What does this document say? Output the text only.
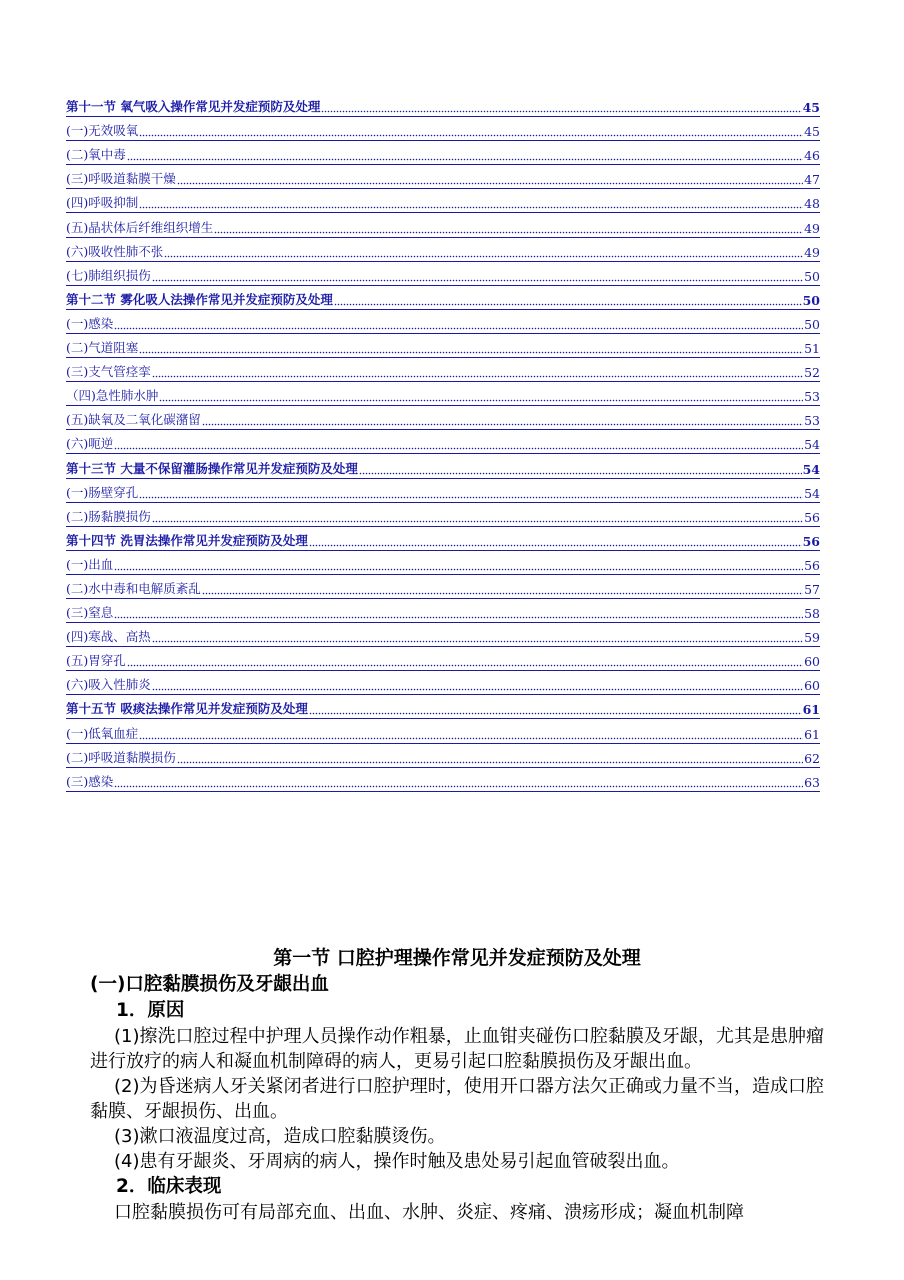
第十一节 氧气吸入操作常见并发症预防及处理	45
(一)无效吸氧	45
(二)氧中毒	46
(三)呼吸道黏膜干燥	47
(四)呼吸抑制	48
(五)晶状体后纤维组织增生	49
(六)吸收性肺不张	49
(七)肺组织损伤	50
第十二节 雾化吸人法操作常见并发症预防及处理	50
(一)感染	50
(二)气道阻塞	51
(三)支气管痉挛	52
（四)急性肺水肿	53
(五)缺氧及二氧化碳潴留	53
(六)呃逆	54
第十三节 大量不保留灌肠操作常见并发症预防及处理	54
(一)肠壁穿孔	54
(二)肠黏膜损伤	56
第十四节 洗胃法操作常见并发症预防及处理	56
(一)出血	56
(二)水中毒和电解质紊乱	57
(三)窒息	58
(四)寒战、高热	59
(五)胃穿孔	60
(六)吸入性肺炎	60
第十五节 吸痰法操作常见并发症预防及处理	61
(一)低氧血症	61
(二)呼吸道黏膜损伤	62
(三)感染	63

第一节 口腔护理操作常见并发症预防及处理

(一)口腔黏膜损伤及牙龈出血

1．原因

(1)擦洗口腔过程中护理人员操作动作粗暴，止血钳夹碰伤口腔黏膜及牙龈，尤其是患肿瘤进行放疗的病人和凝血机制障碍的病人，更易引起口腔黏膜损伤及牙龈出血。

(2)为昏迷病人牙关紧闭者进行口腔护理时，使用开口器方法欠正确或力量不当，造成口腔黏膜、牙龈损伤、出血。

(3)漱口液温度过高，造成口腔黏膜烫伤。

(4)患有牙龈炎、牙周病的病人，操作时触及患处易引起血管破裂出血。

2．临床表现

口腔黏膜损伤可有局部充血、出血、水肿、炎症、疼痛、溃疡形成；凝血机制障
